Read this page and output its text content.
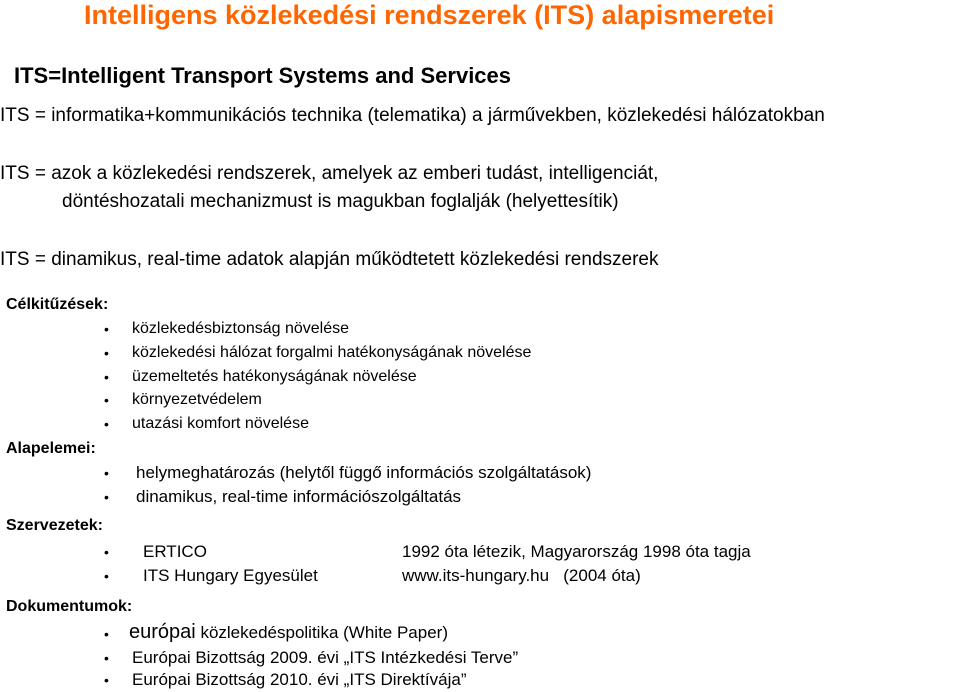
Intelligens közlekedési rendszerek (ITS) alapismeretei
ITS=Intelligent Transport Systems and Services
ITS = informatika+kommunikációs technika (telematika) a járművekben, közlekedési hálózatokban
ITS = azok a közlekedési rendszerek, amelyek az emberi tudást, intelligenciát,
döntéshozatali mechanizmust is magukban foglalják (helyettesítik)
ITS = dinamikus, real-time adatok alapján működtetett közlekedési rendszerek
Célkitűzések:
• közlekedésbiztonság növelése
• közlekedési hálózat forgalmi hatékonyságának növelése
• üzemeltetés hatékonyságának növelése
• környezetvédelem
• utazási komfort növelése
Alapelemei:
• helymeghatározás (helytől függő információs szolgáltatások)
• dinamikus, real-time információszolgáltatás
Szervezetek:
• ERTICO	1992 óta létezik, Magyarország 1998 óta tagja
• ITS Hungary Egyesület	www.its-hungary.hu   (2004 óta)
Dokumentumok:
• európai közlekedéspolitika (White Paper)
• Európai Bizottság 2009. évi „ITS Intézkedési Terve”
• Európai Bizottság 2010. évi „ITS Direktívája”
